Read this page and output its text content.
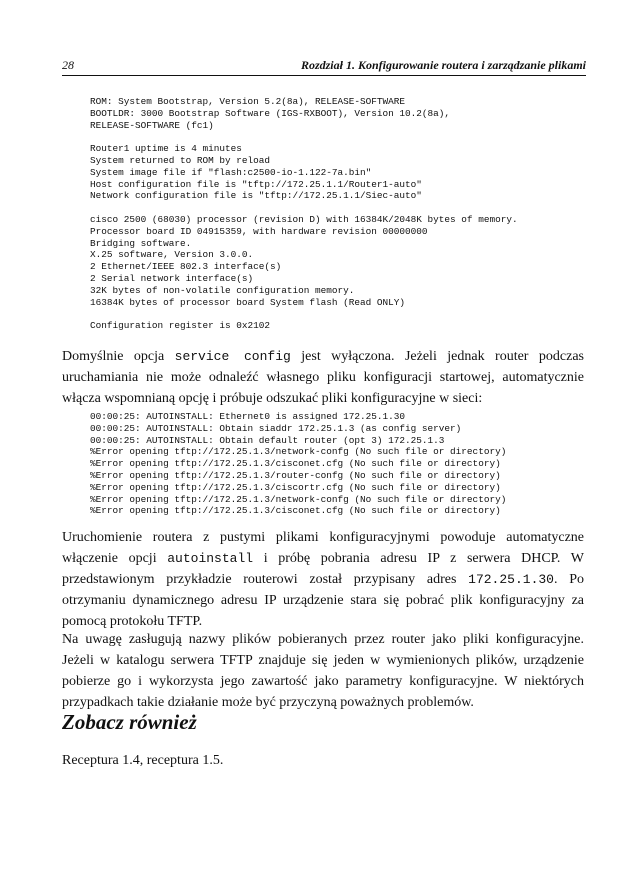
28	Rozdział 1. Konfigurowanie routera i zarządzanie plikami
ROM: System Bootstrap, Version 5.2(8a), RELEASE-SOFTWARE
BOOTLDR: 3000 Bootstrap Software (IGS-RXBOOT), Version 10.2(8a),
RELEASE-SOFTWARE (fc1)

Router1 uptime is 4 minutes
System returned to ROM by reload
System image file if "flash:c2500-io-1.122-7a.bin"
Host configuration file is "tftp://172.25.1.1/Router1-auto"
Network configuration file is "tftp://172.25.1.1/Siec-auto"

cisco 2500 (68030) processor (revision D) with 16384K/2048K bytes of memory.
Processor board ID 04915359, with hardware revision 00000000
Bridging software.
X.25 software, Version 3.0.0.
2 Ethernet/IEEE 802.3 interface(s)
2 Serial network interface(s)
32K bytes of non-volatile configuration memory.
16384K bytes of processor board System flash (Read ONLY)

Configuration register is 0x2102

Domyślnie opcja service config jest wyłączona. Jeżeli jednak router podczas uruchamiania nie może odnaleźć własnego pliku konfiguracji startowej, automatycznie włącza wspomnianą opcję i próbuje odszukać pliki konfiguracyjne w sieci:

00:00:25: AUTOINSTALL: Ethernet0 is assigned 172.25.1.30
00:00:25: AUTOINSTALL: Obtain siaddr 172.25.1.3 (as config server)
00:00:25: AUTOINSTALL: Obtain default router (opt 3) 172.25.1.3
%Error opening tftp://172.25.1.3/network-confg (No such file or directory)
%Error opening tftp://172.25.1.3/cisconet.cfg (No such file or directory)
%Error opening tftp://172.25.1.3/router-confg (No such file or directory)
%Error opening tftp://172.25.1.3/ciscortr.cfg (No such file or directory)
%Error opening tftp://172.25.1.3/network-confg (No such file or directory)
%Error opening tftp://172.25.1.3/cisconet.cfg (No such file or directory)

Uruchomienie routera z pustymi plikami konfiguracyjnymi powoduje automatyczne włączenie opcji autoinstall i próbę pobrania adresu IP z serwera DHCP. W przedstawionym przykładzie routerowi został przypisany adres 172.25.1.30. Po otrzymaniu dynamicznego adresu IP urządzenie stara się pobrać plik konfiguracyjny za pomocą protokołu TFTP.

Na uwagę zasługują nazwy plików pobieranych przez router jako pliki konfiguracyjne. Jeżeli w katalogu serwera TFTP znajduje się jeden w wymienionych plików, urządzenie pobierze go i wykorzysta jego zawartość jako parametry konfiguracyjne. W niektórych przypadkach takie działanie może być przyczyną poważnych problemów.

Zobacz również

Receptura 1.4, receptura 1.5.
